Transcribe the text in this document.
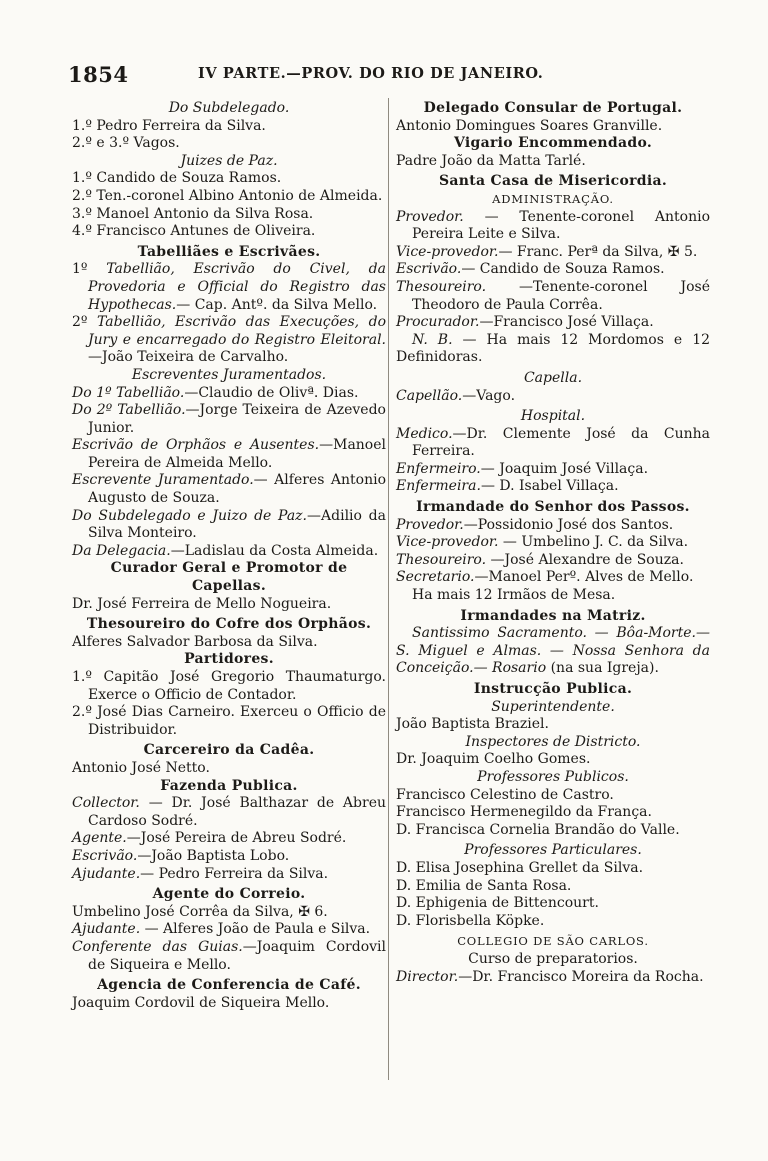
1854	IV PARTE.—PROV. DO RIO DE JANEIRO.
Do Subdelegado.
1.º Pedro Ferreira da Silva.
2.º e 3.º Vagos.
Juizes de Paz.
1.º Candido de Souza Ramos.
2.º Ten.-coronel Albino Antonio de Almeida.
3.º Manoel Antonio da Silva Rosa.
4.º Francisco Antunes de Oliveira.
Tabelliães e Escrivães.
1º Tabellião, Escrivão do Civel, da Provedoria e Official do Registro das Hypothecas.— Cap. Antº. da Silva Mello.
2º Tabellião, Escrivão das Execuções, do Jury e encarregado do Registro Eleitoral.—João Teixeira de Carvalho.
Escreventes Juramentados.
Do 1º Tabellião.—Claudio de Olivª. Dias.
Do 2º Tabellião.—Jorge Teixeira de Azevedo Junior.
Escrivão de Orphãos e Ausentes.—Manoel Pereira de Almeida Mello.
Escrevente Juramentado.— Alferes Antonio Augusto de Souza.
Do Subdelegado e Juizo de Paz.—Adilio da Silva Monteiro.
Da Delegacia.—Ladislau da Costa Almeida.
Curador Geral e Promotor de Capellas.
Dr. José Ferreira de Mello Nogueira.
Thesoureiro do Cofre dos Orphãos.
Alferes Salvador Barbosa da Silva.
Partidores.
1.º Capitão José Gregorio Thaumaturgo. Exerce o Officio de Contador.
2.º José Dias Carneiro. Exerceu o Officio de Distribuidor.
Carcereiro da Cadêa.
Antonio José Netto.
Fazenda Publica.
Collector. — Dr. José Balthazar de Abreu Cardoso Sodré.
Agente.—José Pereira de Abreu Sodré.
Escrivão.—João Baptista Lobo.
Ajudante.— Pedro Ferreira da Silva.
Agente do Correio.
Umbelino José Corrêa da Silva, ✠ 6.
Ajudante. — Alferes João de Paula e Silva.
Conferente das Guias.—Joaquim Cordovil de Siqueira e Mello.
Agencia de Conferencia de Café.
Joaquim Cordovil de Siqueira Mello.
Delegado Consular de Portugal.
Antonio Domingues Soares Granville.
Vigario Encommendado.
Padre João da Matta Tarlé.
Santa Casa de Misericordia.
ADMINISTRAÇÃO.
Provedor. — Tenente-coronel Antonio Pereira Leite e Silva.
Vice-provedor.— Franc. Perª da Silva, ✠ 5.
Escrivão.— Candido de Souza Ramos.
Thesoureiro. —Tenente-coronel José Theodoro de Paula Corrêa.
Procurador.—Francisco José Villaça.
N. B. — Ha mais 12 Mordomos e 12 Definidoras.
Capella.
Capellão.—Vago.
Hospital.
Medico.—Dr. Clemente José da Cunha Ferreira.
Enfermeiro.— Joaquim José Villaça.
Enfermeira.— D. Isabel Villaça.
Irmandade do Senhor dos Passos.
Provedor.—Possidonio José dos Santos.
Vice-provedor. — Umbelino J. C. da Silva.
Thesoureiro. —José Alexandre de Souza.
Secretario.—Manoel Perº. Alves de Mello.
Ha mais 12 Irmãos de Mesa.
Irmandades na Matriz.
Santissimo Sacramento. — Bôa-Morte.—S. Miguel e Almas. — Nossa Senhora da Conceição.— Rosario (na sua Igreja).
Instrucção Publica.
Superintendente.
João Baptista Braziel.
Inspectores de Districto.
Dr. Joaquim Coelho Gomes.
Professores Publicos.
Francisco Celestino de Castro.
Francisco Hermenegildo da França.
D. Francisca Cornelia Brandão do Valle.
Professores Particulares.
D. Elisa Josephina Grellet da Silva.
D. Emilia de Santa Rosa.
D. Ephigenia de Bittencourt.
D. Florisbella Köpke.
COLLEGIO DE SÃO CARLOS.
Curso de preparatorios.
Director.—Dr. Francisco Moreira da Rocha.
